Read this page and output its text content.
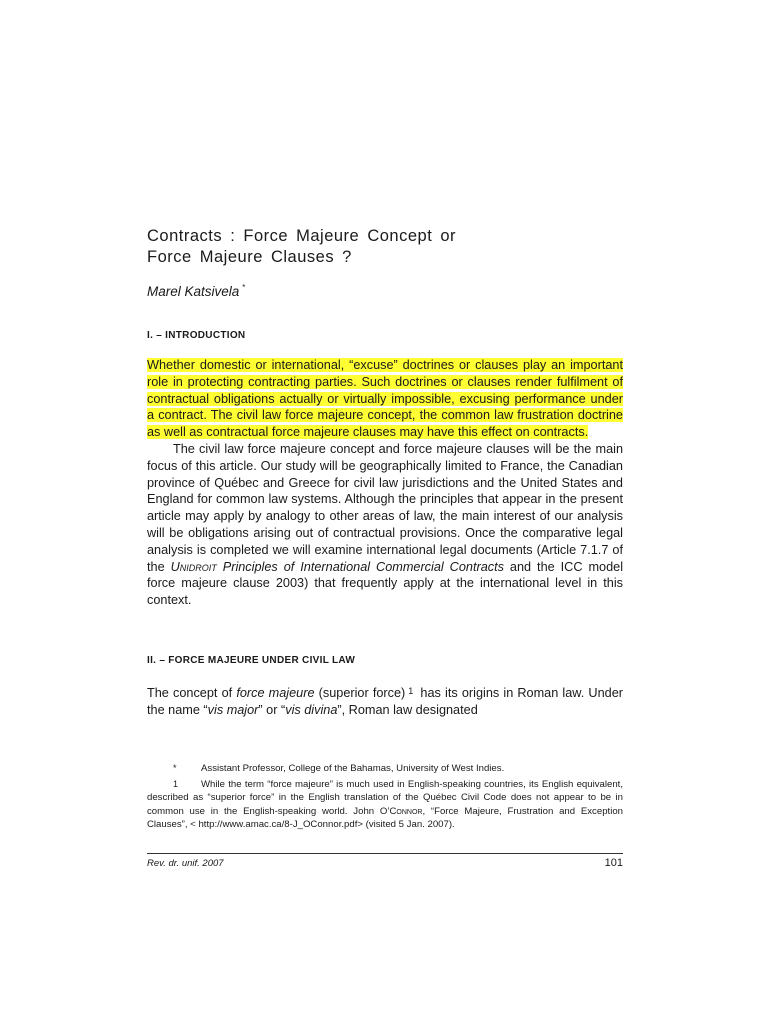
Contracts : Force Majeure Concept or
Force Majeure Clauses ?
Marel Katsivela *
I. – INTRODUCTION

Whether domestic or international, “excuse” doctrines or clauses play an important role in protecting contracting parties. Such doctrines or clauses render fulfilment of contractual obligations actually or virtually impossible, excusing performance under a contract. The civil law force majeure concept, the common law frustration doctrine as well as contractual force majeure clauses may have this effect on contracts.

The civil law force majeure concept and force majeure clauses will be the main focus of this article. Our study will be geographically limited to France, the Canadian province of Québec and Greece for civil law jurisdictions and the United States and England for common law systems. Although the principles that appear in the present article may apply by analogy to other areas of law, the main interest of our analysis will be obligations arising out of contractual provisions. Once the comparative legal analysis is completed we will examine international legal documents (Article 7.1.7 of the Unidroit Principles of International Commercial Contracts and the ICC model force majeure clause 2003) that frequently apply at the international level in this context.

II. – FORCE MAJEURE UNDER CIVIL LAW

The concept of force majeure (superior force) $^1$ has its origins in Roman law. Under the name “vis major” or “vis divina”, Roman law designated

*	Assistant Professor, College of the Bahamas, University of West Indies.

1 While the term “force majeure” is much used in English-speaking countries, its English equivalent, described as “superior force” in the English translation of the Québec Civil Code does not appear to be in common use in the English-speaking world. John O’Connor, “Force Majeure, Frustration and Exception Clauses”, < http://www.amac.ca/8-J_OConnor.pdf> (visited 5 Jan. 2007).

Rev. dr. unif. 2007	101
